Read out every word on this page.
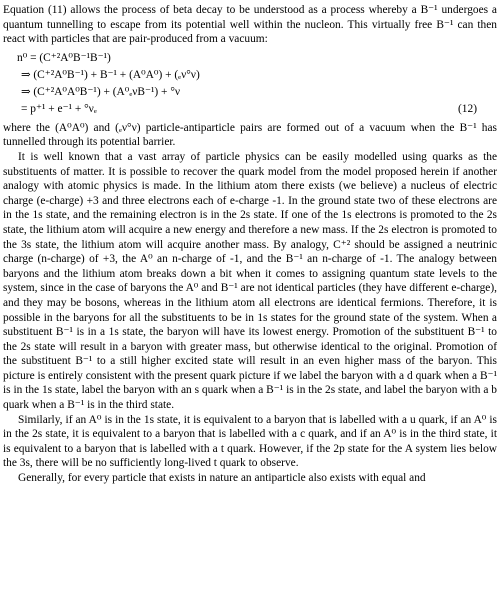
Equation (11) allows the process of beta decay to be understood as a process whereby a B⁻¹ undergoes a quantum tunnelling to escape from its potential well within the nucleon. This virtually free B⁻¹ can then react with particles that are pair-produced from a vacuum:

n⁰ = (C⁺²A⁰B⁻¹B⁻¹)
⇒ (C⁺²A⁰B⁻¹) + B⁻¹ + (A⁰A⁰) + (ₑν°ν)
⇒ (C⁺²A⁰A⁰B⁻¹) + (A⁰ₑνB⁻¹) + °ν
= p⁺¹ + e⁻¹ + °νₑ	(12)

where the (A⁰A⁰) and (ₑν°ν) particle-antiparticle pairs are formed out of a vacuum when the B⁻¹ has tunnelled through its potential barrier.

It is well known that a vast array of particle physics can be easily modelled using quarks as the substituents of matter. It is possible to recover the quark model from the model proposed herein if another analogy with atomic physics is made. In the lithium atom there exists (we believe) a nucleus of electric charge (e-charge) +3 and three electrons each of e-charge -1. In the ground state two of these electrons are in the 1s state, and the remaining electron is in the 2s state. If one of the 1s electrons is promoted to the 2s state, the lithium atom will acquire a new energy and therefore a new mass. If the 2s electron is promoted to the 3s state, the lithium atom will acquire another mass. By analogy, C⁺² should be assigned a neutrinic charge (n-charge) of +3, the A⁰ an n-charge of -1, and the B⁻¹ an n-charge of -1. The analogy between baryons and the lithium atom breaks down a bit when it comes to assigning quantum state levels to the system, since in the case of baryons the A⁰ and B⁻¹ are not identical particles (they have different e-charge), and they may be bosons, whereas in the lithium atom all electrons are identical fermions. Therefore, it is possible in the baryons for all the substituents to be in 1s states for the ground state of the system. When a substituent B⁻¹ is in a 1s state, the baryon will have its lowest energy. Promotion of the substituent B⁻¹ to the 2s state will result in a baryon with greater mass, but otherwise identical to the original. Promotion of the substituent B⁻¹ to a still higher excited state will result in an even higher mass of the baryon. This picture is entirely consistent with the present quark picture if we label the baryon with a d quark when a B⁻¹ is in the 1s state, label the baryon with an s quark when a B⁻¹ is in the 2s state, and label the baryon with a b quark when a B⁻¹ is in the third state.

Similarly, if an A⁰ is in the 1s state, it is equivalent to a baryon that is labelled with a u quark, if an A⁰ is in the 2s state, it is equivalent to a baryon that is labelled with a c quark, and if an A⁰ is in the third state, it is equivalent to a baryon that is labelled with a t quark. However, if the 2p state for the A system lies below the 3s, there will be no sufficiently long-lived t quark to observe.

Generally, for every particle that exists in nature an antiparticle also exists with equal and
